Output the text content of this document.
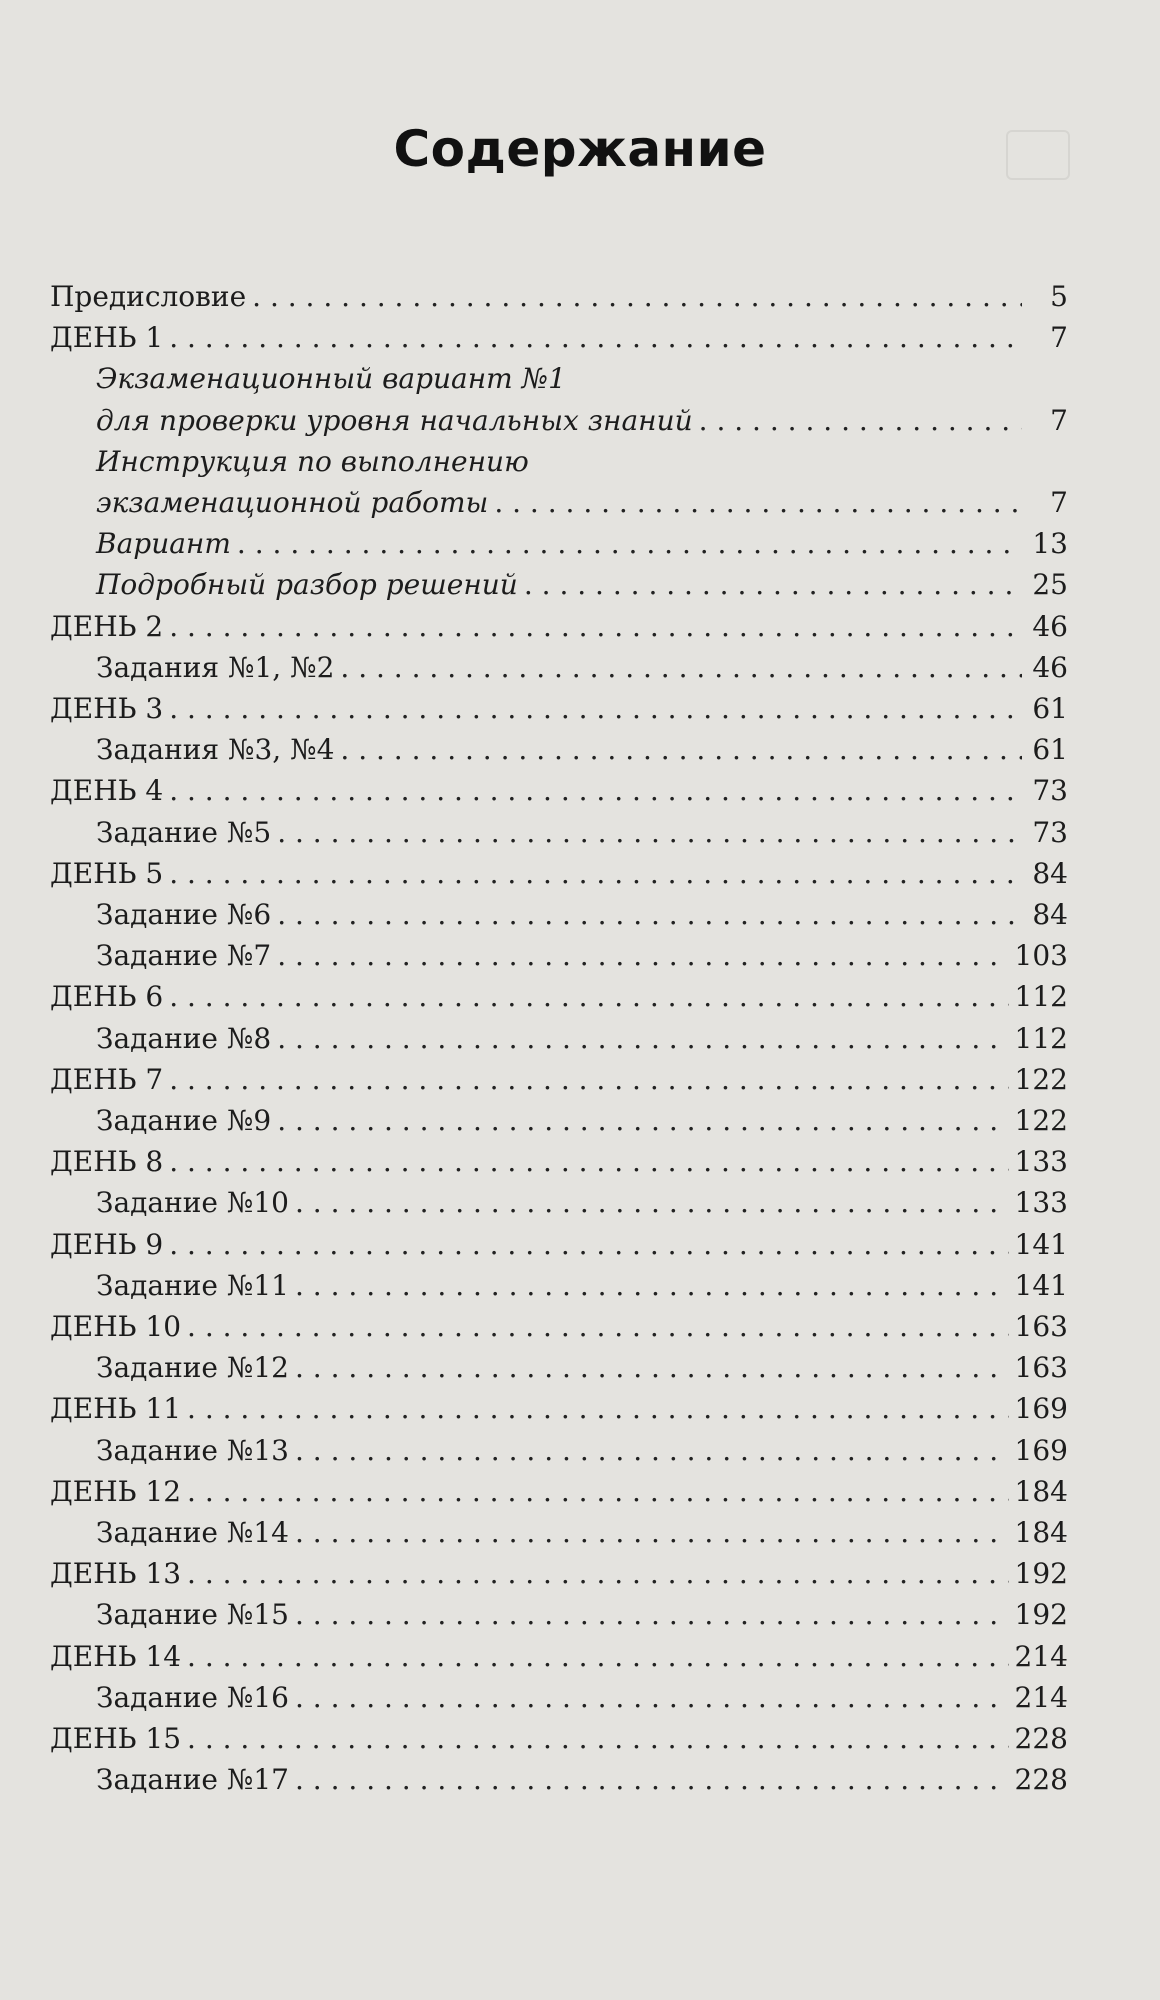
Содержание
Предисловие . . .	5
ДЕНЬ 1 . . .	7
Экзаменационный вариант №1
для проверки уровня начальных знаний . . .	7
Инструкция по выполнению
экзаменационной работы . . .	7
Вариант . . .	13
Подробный разбор решений . . .	25
ДЕНЬ 2 . . .	46
Задания №1, №2 . . .	46
ДЕНЬ 3 . . .	61
Задания №3, №4 . . .	61
ДЕНЬ 4 . . .	73
Задание №5 . . .	73
ДЕНЬ 5 . . .	84
Задание №6 . . .	84
Задание №7 . . .	103
ДЕНЬ 6 . . .	112
Задание №8 . . .	112
ДЕНЬ 7 . . .	122
Задание №9 . . .	122
ДЕНЬ 8 . . .	133
Задание №10 . . .	133
ДЕНЬ 9 . . .	141
Задание №11 . . .	141
ДЕНЬ 10 . . .	163
Задание №12 . . .	163
ДЕНЬ 11 . . .	169
Задание №13 . . .	169
ДЕНЬ 12 . . .	184
Задание №14 . . .	184
ДЕНЬ 13 . . .	192
Задание №15 . . .	192
ДЕНЬ 14 . . .	214
Задание №16 . . .	214
ДЕНЬ 15 . . .	228
Задание №17 . . .	228
